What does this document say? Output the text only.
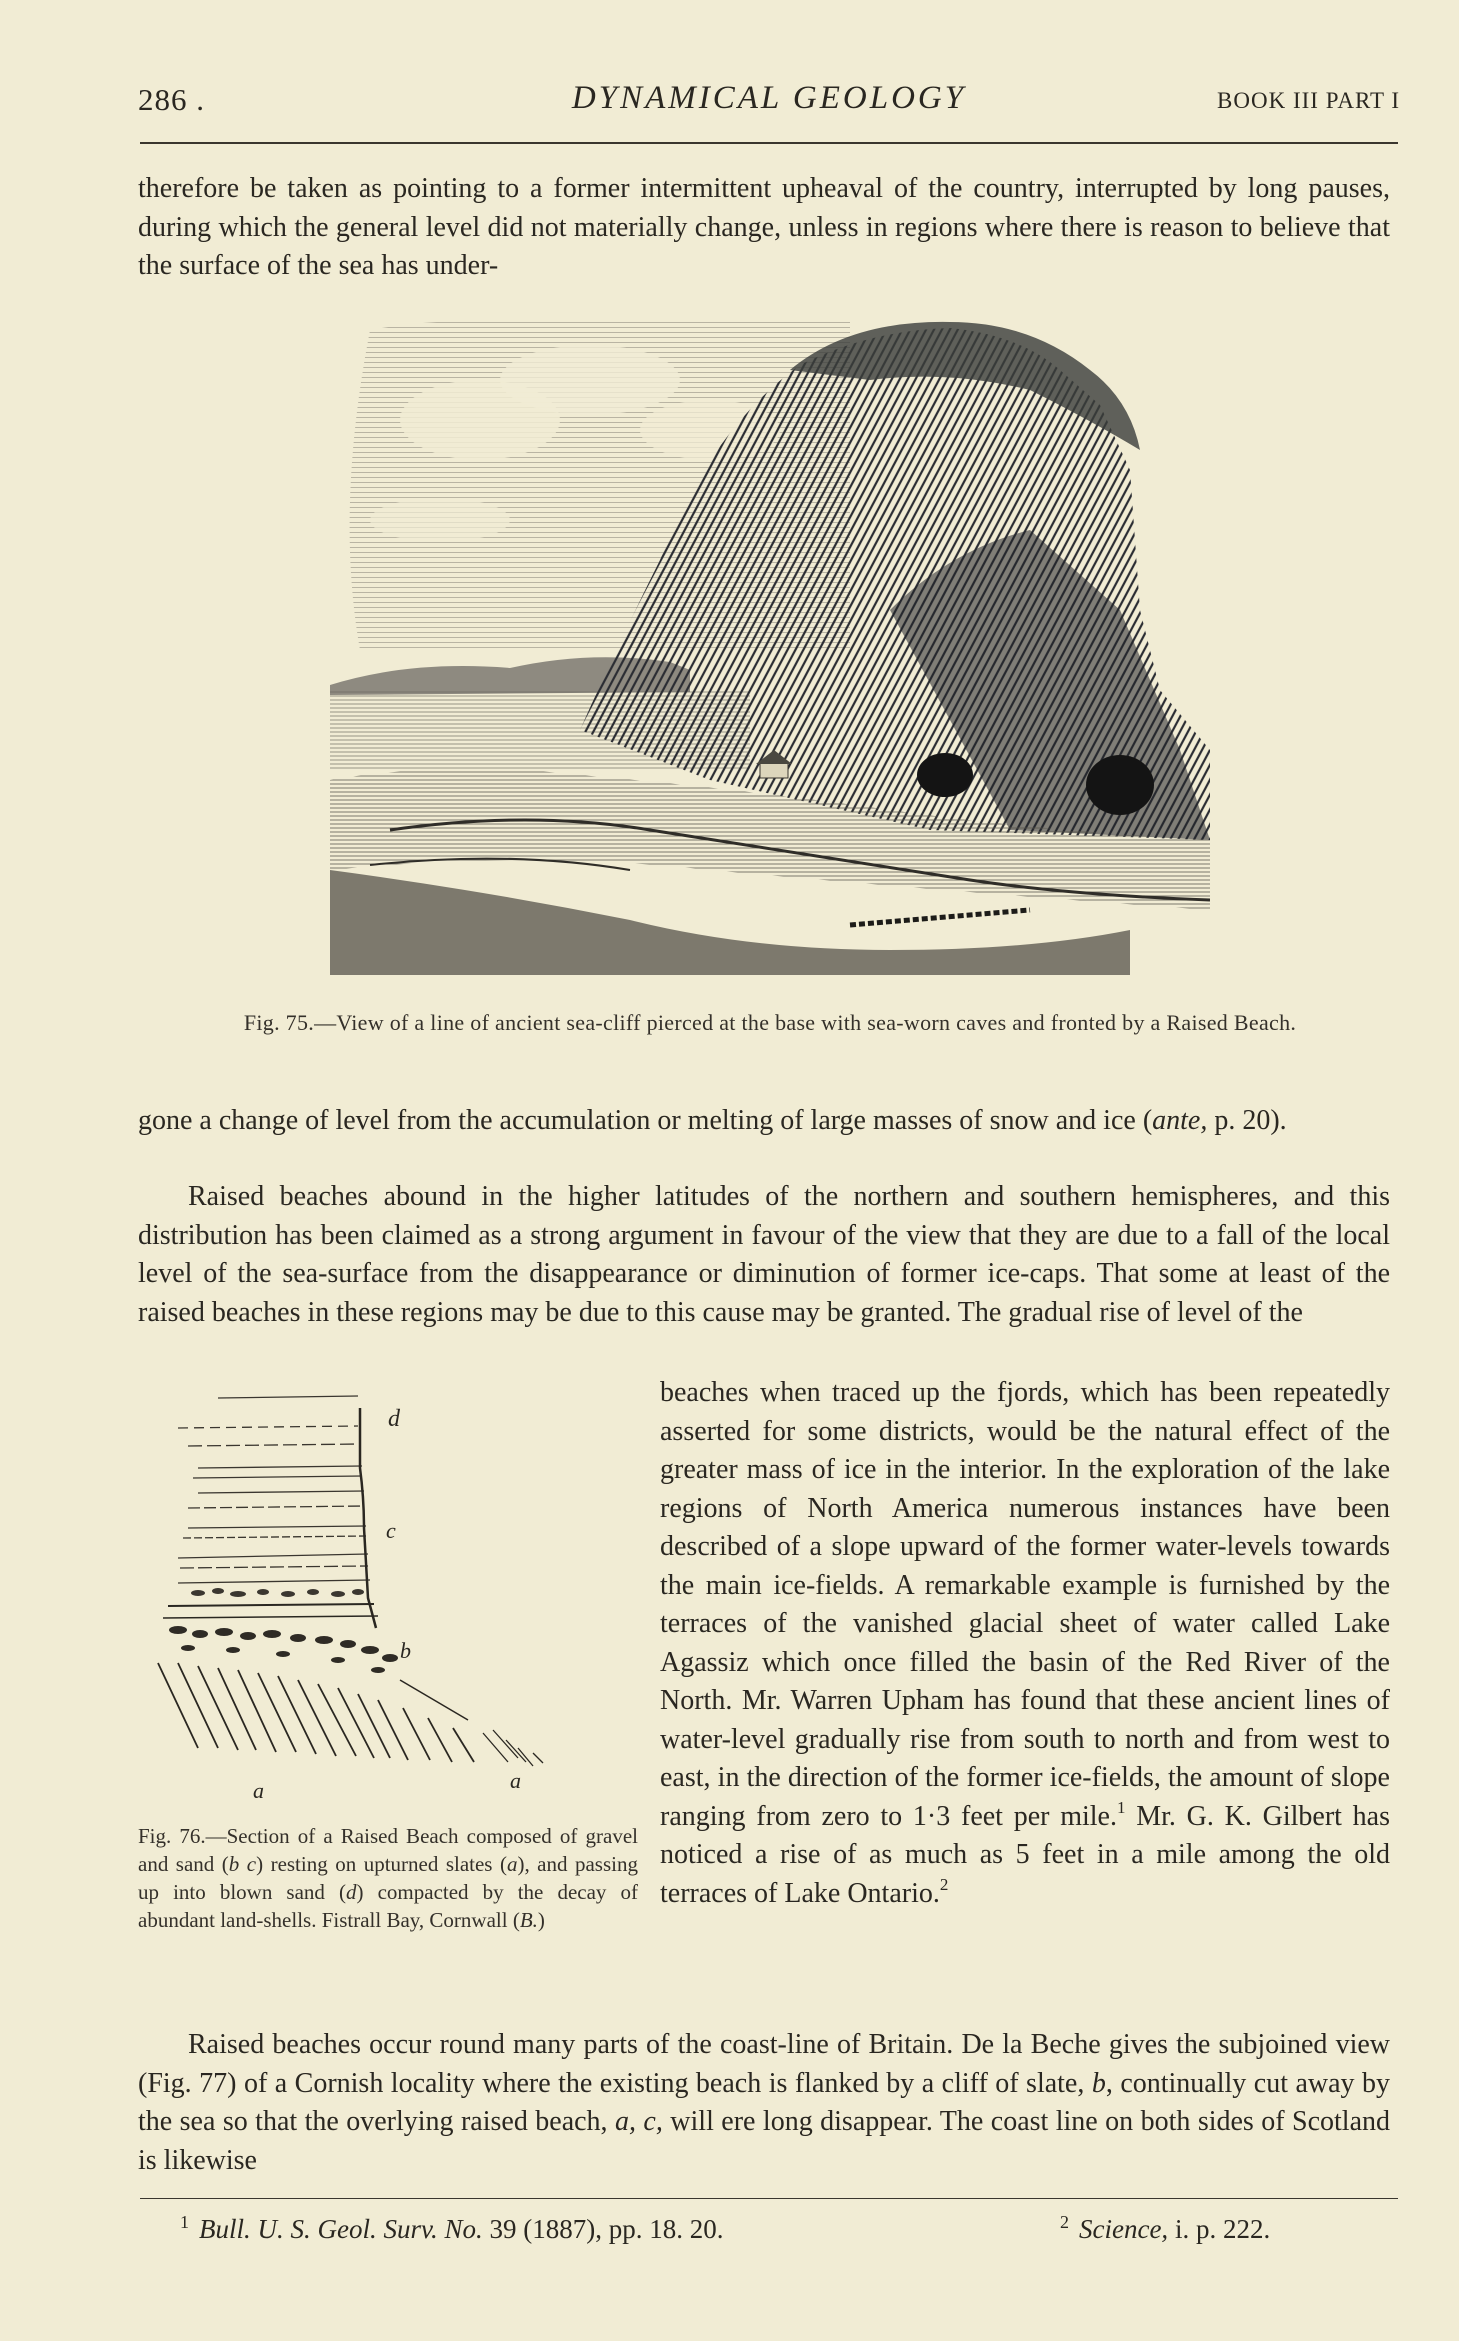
286 .	DYNAMICAL GEOLOGY	BOOK III PART I
therefore be taken as pointing to a former intermittent upheaval of the country, interrupted by long pauses, during which the general level did not materially change, unless in regions where there is reason to believe that the surface of the sea has under-
Fig. 75.—View of a line of ancient sea-cliff pierced at the base with sea-worn caves and fronted by a Raised Beach.
gone a change of level from the accumulation or melting of large masses of snow and ice (ante, p. 20).
Raised beaches abound in the higher latitudes of the northern and southern hemispheres, and this distribution has been claimed as a strong argument in favour of the view that they are due to a fall of the local level of the sea-surface from the disappearance or diminution of former ice-caps. That some at least of the raised beaches in these regions may be due to this cause may be granted. The gradual rise of level of the
d
c
b
a	a
Fig. 76.—Section of a Raised Beach composed of gravel and sand (b c) resting on upturned slates (a), and passing up into blown sand (d) compacted by the decay of abundant land-shells. Fistrall Bay, Cornwall (B.)
beaches when traced up the fjords, which has been repeatedly asserted for some districts, would be the natural effect of the greater mass of ice in the interior. In the exploration of the lake regions of North America numerous instances have been described of a slope upward of the former water-levels towards the main ice-fields. A remarkable example is furnished by the terraces of the vanished glacial sheet of water called Lake Agassiz which once filled the basin of the Red River of the North. Mr. Warren Upham has found that these ancient lines of water-level gradually rise from south to north and from west to east, in the direction of the former ice-fields, the amount of slope ranging from zero to 1·3 feet per mile.$^1$ Mr. G. K. Gilbert has noticed a rise of as much as 5 feet in a mile among the old terraces of Lake Ontario.$^2$
Raised beaches occur round many parts of the coast-line of Britain. De la Beche gives the subjoined view (Fig. 77) of a Cornish locality where the existing beach is flanked by a cliff of slate, b, continually cut away by the sea so that the overlying raised beach, a, c, will ere long disappear. The coast line on both sides of Scotland is likewise
$^1$ Bull. U. S. Geol. Surv. No. 39 (1887), pp. 18. 20.	$^2$ Science, i. p. 222.
